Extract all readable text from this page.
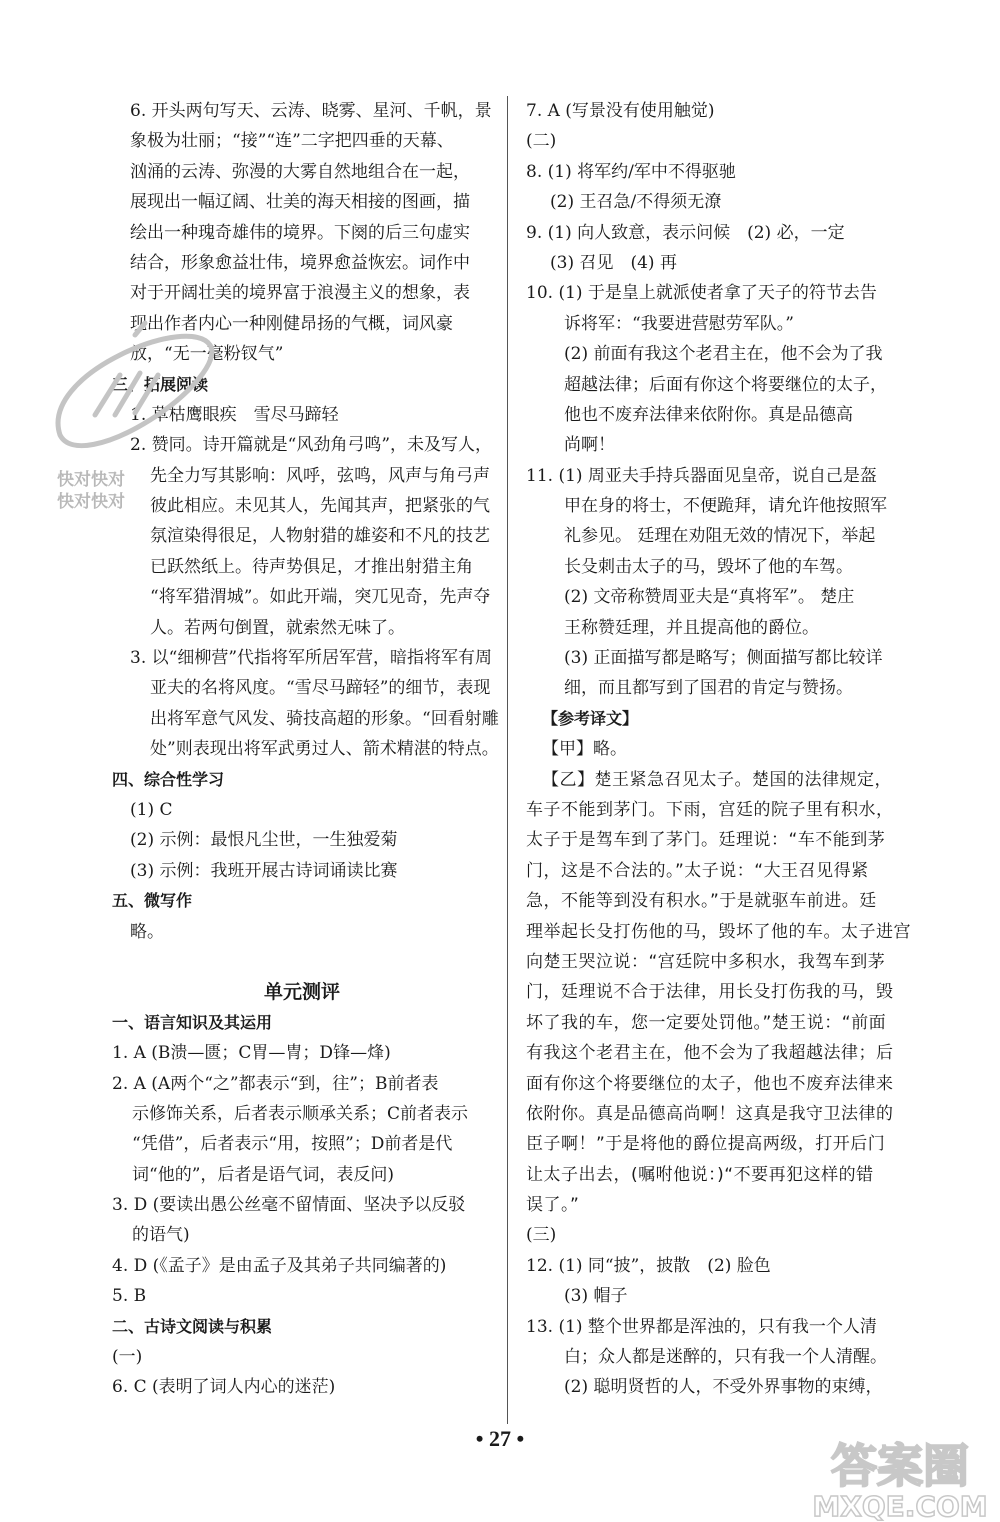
6. 开头两句写天、云涛、晓雾、星河、千帆，景
象极为壮丽；“接”“连”二字把四垂的天幕、
汹涌的云涛、弥漫的大雾自然地组合在一起，
展现出一幅辽阔、壮美的海天相接的图画，描
绘出一种瑰奇雄伟的境界。下阕的后三句虚实
结合，形象愈益壮伟，境界愈益恢宏。词作中
对于开阔壮美的境界富于浪漫主义的想象，表
现出作者内心一种刚健昂扬的气概，词风豪
放，“无一毫粉钗气”
三、拓展阅读
1. 草枯鹰眼疾　雪尽马蹄轻
2. 赞同。诗开篇就是“风劲角弓鸣”，未及写人，
先全力写其影响：风呼，弦鸣，风声与角弓声
彼此相应。未见其人，先闻其声，把紧张的气
氛渲染得很足，人物射猎的雄姿和不凡的技艺
已跃然纸上。待声势俱足，才推出射猎主角
“将军猎渭城”。如此开端，突兀见奇，先声夺
人。若两句倒置，就索然无味了。
3. 以“细柳营”代指将军所居军营，暗指将军有周
亚夫的名将风度。“雪尽马蹄轻”的细节，表现
出将军意气风发、骑技高超的形象。“回看射雕
处”则表现出将军武勇过人、箭术精湛的特点。
四、综合性学习
(1) C
(2) 示例：最恨凡尘世，一生独爱菊
(3) 示例：我班开展古诗词诵读比赛
五、微写作
略。
单元测评
一、语言知识及其运用
1. A (B溃—匮；C胃—冑；D锋—烽)
2. A (A两个“之”都表示“到，往”；B前者表
示修饰关系，后者表示顺承关系；C前者表示
“凭借”，后者表示“用，按照”；D前者是代
词“他的”，后者是语气词，表反问)
3. D (要读出愚公丝毫不留情面、坚决予以反驳
的语气)
4. D (《孟子》是由孟子及其弟子共同编著的)
5. B
二、古诗文阅读与积累
(一)
6. C (表明了词人内心的迷茫)
7. A (写景没有使用触觉)
(二)
8. (1) 将军约/军中不得驱驰
(2) 王召急/不得须无潦
9. (1) 向人致意，表示问候　(2) 必，一定
(3) 召见　(4) 再
10. (1) 于是皇上就派使者拿了天子的符节去告
诉将军：“我要进营慰劳军队。”
(2) 前面有我这个老君主在，他不会为了我
超越法律；后面有你这个将要继位的太子，
他也不废弃法律来依附你。真是品德高
尚啊！
11. (1) 周亚夫手持兵器面见皇帝，说自己是盔
甲在身的将士，不便跪拜，请允许他按照军
礼参见。 廷理在劝阻无效的情况下，举起
长殳刺击太子的马，毁坏了他的车驾。
(2) 文帝称赞周亚夫是“真将军”。 楚庄
王称赞廷理，并且提高他的爵位。
(3) 正面描写都是略写；侧面描写都比较详
细，而且都写到了国君的肯定与赞扬。
【参考译文】
【甲】略。
【乙】楚王紧急召见太子。楚国的法律规定，
车子不能到茅门。下雨，宫廷的院子里有积水，
太子于是驾车到了茅门。廷理说：“车不能到茅
门，这是不合法的。”太子说：“大王召见得紧
急，不能等到没有积水。”于是就驱车前进。廷
理举起长殳打伤他的马，毁坏了他的车。太子进宫
向楚王哭泣说：“宫廷院中多积水，我驾车到茅
门，廷理说不合于法律，用长殳打伤我的马，毁
坏了我的车，您一定要处罚他。”楚王说：“前面
有我这个老君主在，他不会为了我超越法律；后
面有你这个将要继位的太子，他也不废弃法律来
依附你。真是品德高尚啊！这真是我守卫法律的
臣子啊！”于是将他的爵位提高两级，打开后门
让太子出去，(嘱咐他说：)“不要再犯这样的错
误了。”
(三)
12. (1) 同“披”，披散　(2) 脸色
(3) 帽子
13. (1) 整个世界都是浑浊的，只有我一个人清
白；众人都是迷醉的，只有我一个人清醒。
(2) 聪明贤哲的人，不受外界事物的束缚，
快对快对
快对快对
• 27 •
答案圈
MXQE.COM
